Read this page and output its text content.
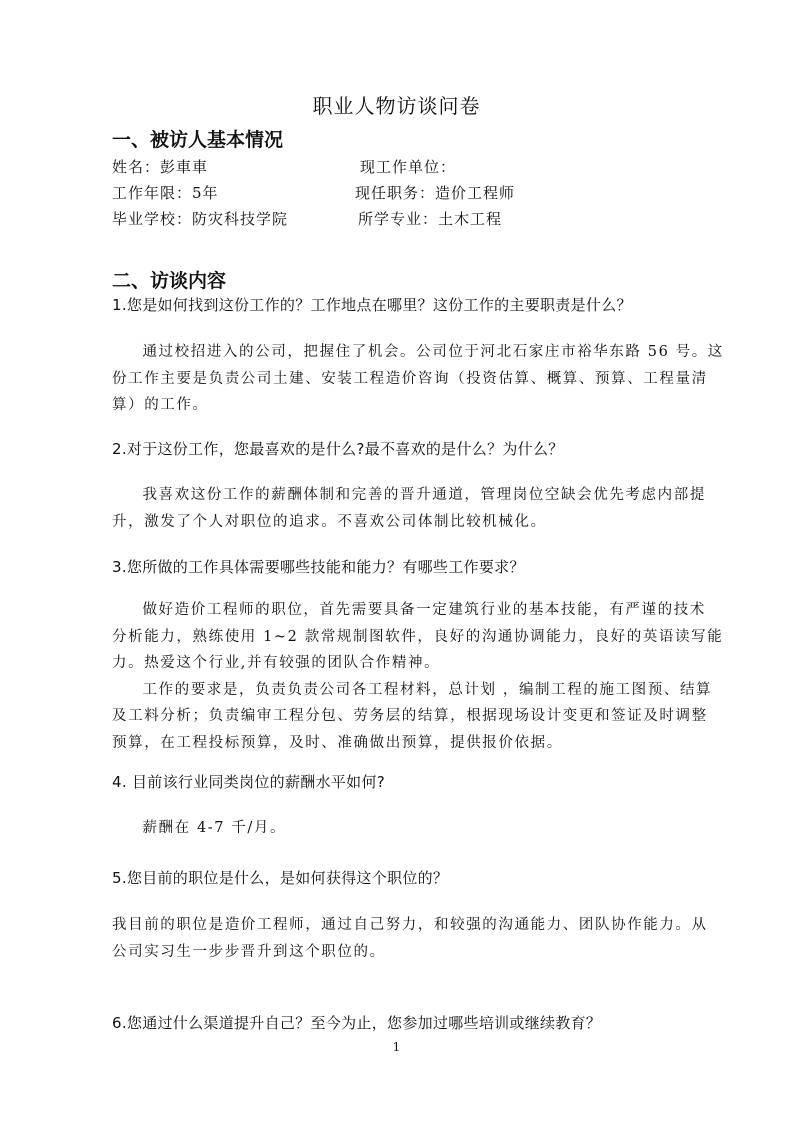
职业人物访谈问卷
一、被访人基本情况
姓名：彭車車	现工作单位：
工作年限：5年	现任职务：造价工程师
毕业学校：防灾科技学院	所学专业：土木工程
二、访谈内容
1.您是如何找到这份工作的？工作地点在哪里？这份工作的主要职责是什么？
通过校招进入的公司，把握住了机会。公司位于河北石家庄市裕华东路 56 号。这
份工作主要是负责公司土建、安装工程造价咨询（投资估算、概算、预算、工程量清
算）的工作。
2.对于这份工作，您最喜欢的是什么?最不喜欢的是什么？为什么？
我喜欢这份工作的薪酬体制和完善的晋升通道，管理岗位空缺会优先考虑内部提
升，激发了个人对职位的追求。不喜欢公司体制比较机械化。
3.您所做的工作具体需要哪些技能和能力？有哪些工作要求？
做好造价工程师的职位，首先需要具备一定建筑行业的基本技能，有严谨的技术
分析能力，熟练使用 1~2 款常规制图软件，良好的沟通协调能力，良好的英语读写能
力。热爱这个行业,并有较强的团队合作精神。
工作的要求是，负责负责公司各工程材料，总计划 ，编制工程的施工图预、结算
及工料分析；负责编审工程分包、劳务层的结算，根据现场设计变更和签证及时调整
预算，在工程投标预算，及时、准确做出预算，提供报价依据。
4. 目前该行业同类岗位的薪酬水平如何?
薪酬在 4-7 千/月。
5.您目前的职位是什么，是如何获得这个职位的？
我目前的职位是造价工程师，通过自己努力，和较强的沟通能力、团队协作能力。从
公司实习生一步步晋升到这个职位的。
6.您通过什么渠道提升自己？至今为止，您参加过哪些培训或继续教育？
1
